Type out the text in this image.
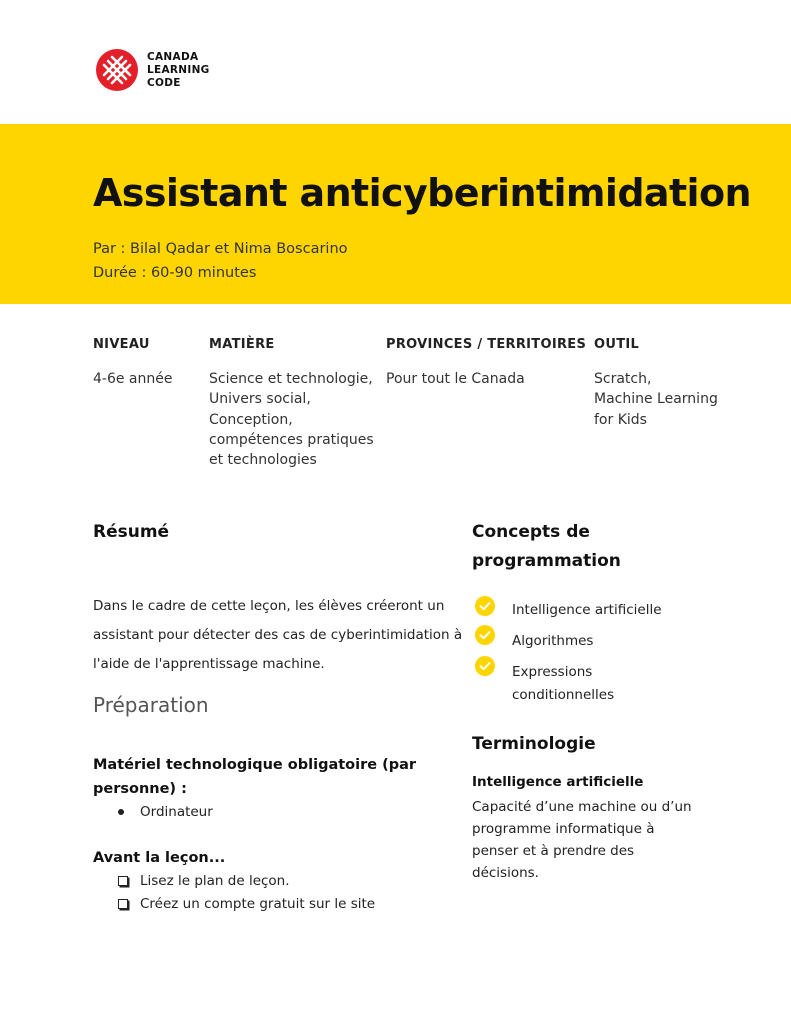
CANADA
LEARNING
CODE
Assistant anticyberintimidation
Par : Bilal Qadar et Nima Boscarino
Durée : 60-90 minutes
NIVEAU
4-6e année
MATIÈRE
Science et technologie,
Univers social,
Conception,
compétences pratiques
et technologies
PROVINCES / TERRITOIRES
Pour tout le Canada
OUTIL
Scratch,
Machine Learning
for Kids
Résumé
Dans le cadre de cette leçon, les élèves créeront un
assistant pour détecter des cas de cyberintimidation à
l'aide de l'apprentissage machine.
Préparation
Matériel technologique obligatoire (par
personne) :
Ordinateur
Avant la leçon...
Lisez le plan de leçon.
Créez un compte gratuit sur le site
Concepts de
programmation
Intelligence artificielle
Algorithmes
Expressions
conditionnelles
Terminologie
Intelligence artificielle
Capacité d’une machine ou d’un
programme informatique à
penser et à prendre des
décisions.
